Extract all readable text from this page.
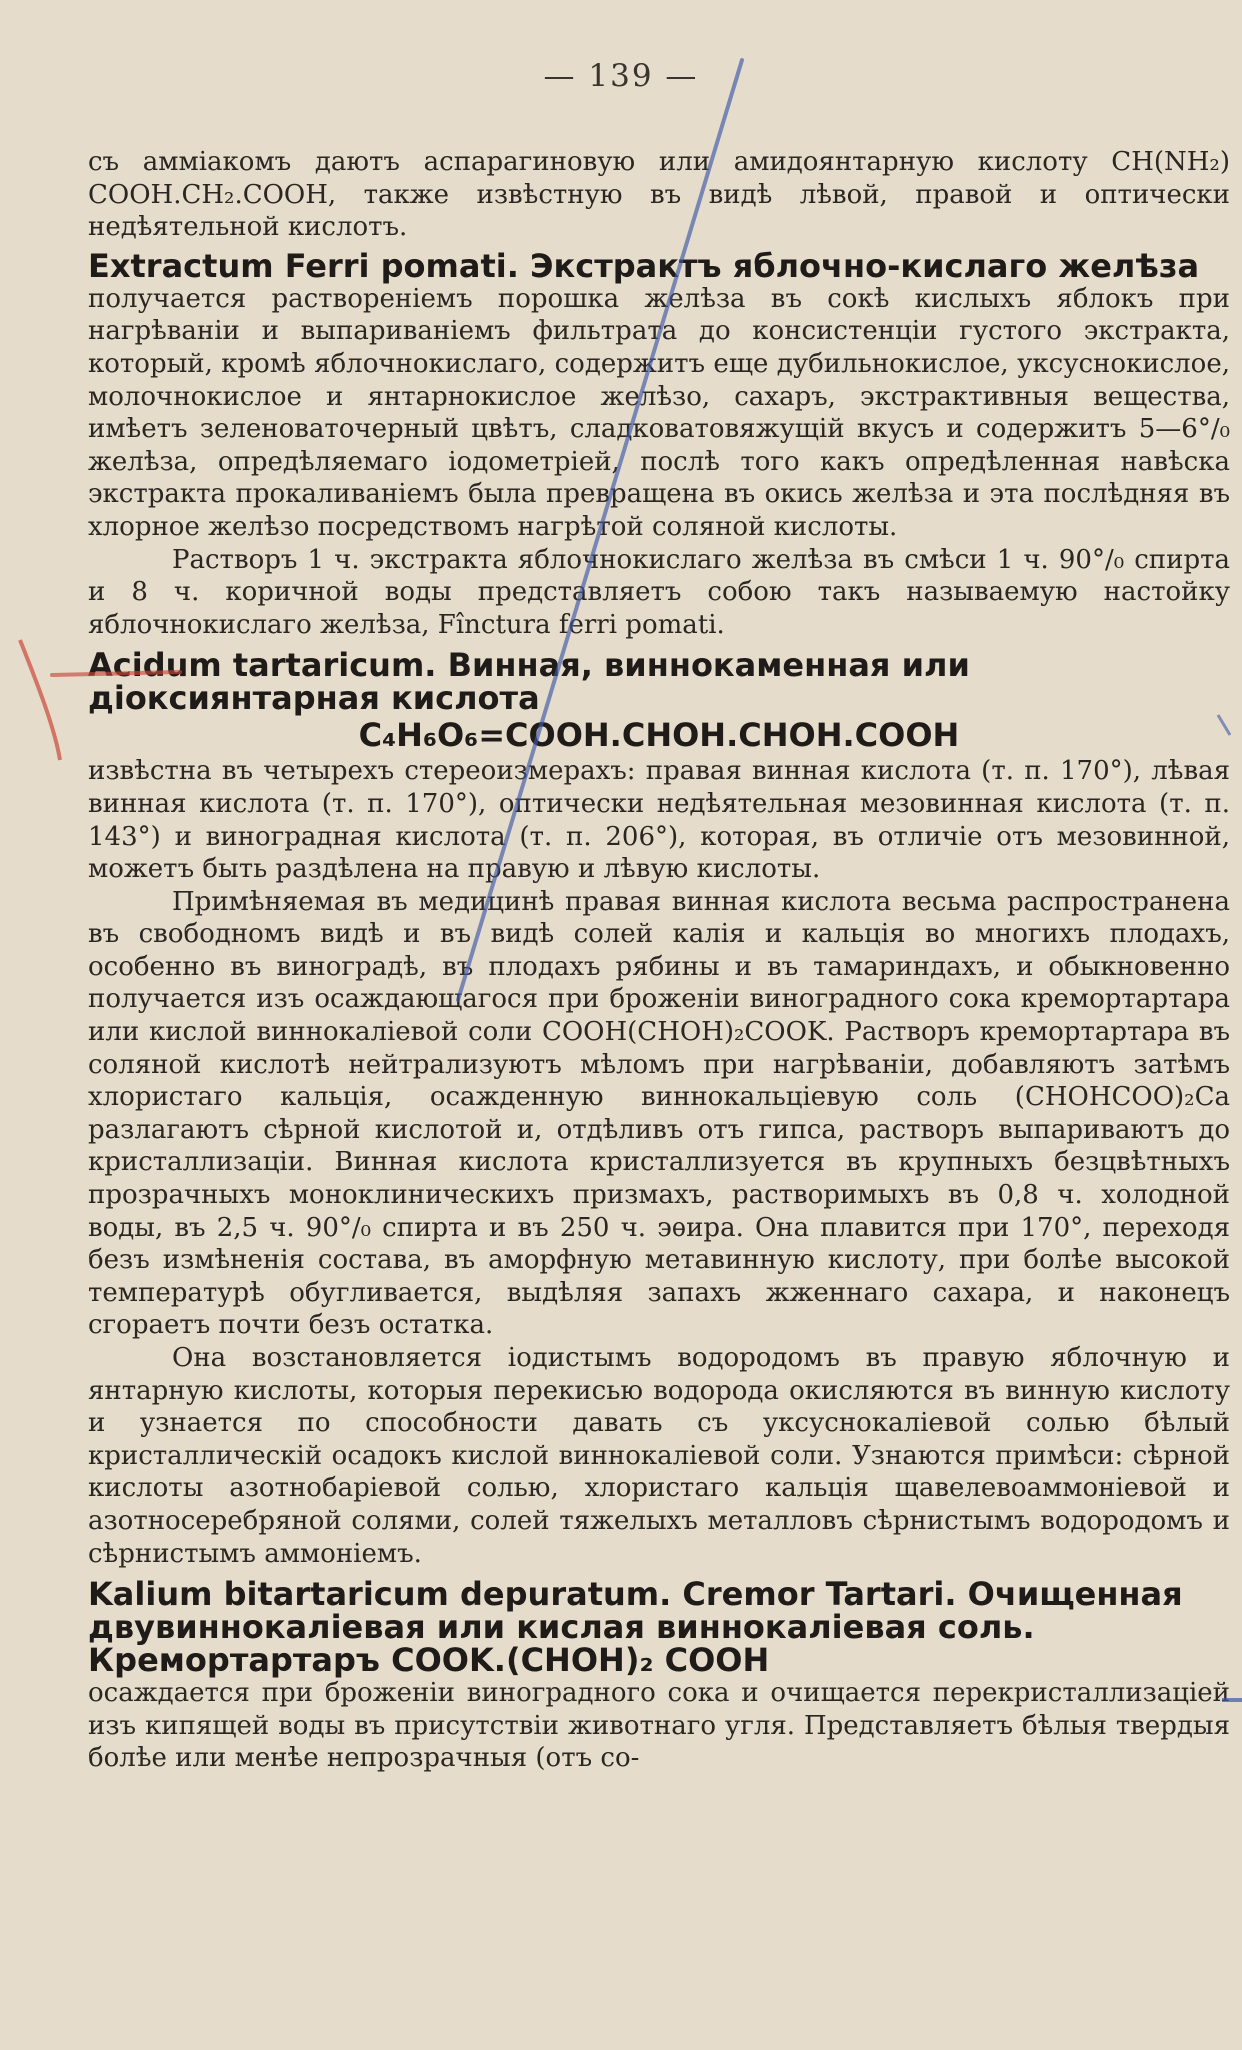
— 139 —

съ амміакомъ даютъ аспарагиновую или амидоянтарную кислоту CH(NH₂) COOH.CH₂.COOH, также извѣстную въ видѣ лѣвой, правой и оптически недѣятельной кислотъ.

Extractum Ferri pomati. Экстрактъ яблочно-кислаго желѣза

получается растворенiемъ порошка желѣза въ сокѣ кислыхъ яблокъ при нагрѣваніи и выпариваніемъ фильтрата до консистенціи густого экстракта, который, кромѣ яблочнокислаго, содержитъ еще дубильнокислое, уксуснокислое, молочнокислое и янтарнокислое желѣзо, сахаръ, экстрактивныя вещества, имѣетъ зеленоваточерный цвѣтъ, сладковатовяжущій вкусъ и содержитъ 5—6°/₀ желѣза, опредѣляемаго іодометріей, послѣ того какъ опредѣленная навѣска экстракта прокаливаніемъ была превращена въ окись желѣза и эта послѣдняя въ хлорное желѣзо посредствомъ нагрѣтой соляной кислоты.

Растворъ 1 ч. экстракта яблочнокислаго желѣза въ смѣси 1 ч. 90°/₀ спирта и 8 ч. коричной воды представляетъ собою такъ называемую настойку яблочнокислаго желѣза, Fînctura ferri pomati.

Acidum tartaricum. Винная, виннокаменная или діоксиянтарная кислота

C₄H₆O₆=COOH.CHOH.CHOH.COOH

извѣстна въ четырехъ стереоизмерахъ: правая винная кислота (т. п. 170°), лѣвая винная кислота (т. п. 170°), оптически недѣятельная мезовинная кислота (т. п. 143°) и виноградная кислота (т. п. 206°), которая, въ отличіе отъ мезовинной, можетъ быть раздѣлена на правую и лѣвую кислоты.

Примѣняемая въ медицинѣ правая винная кислота весьма распространена въ свободномъ видѣ и въ видѣ солей калія и кальція во многихъ плодахъ, особенно въ виноградѣ, въ плодахъ рябины и въ тамариндахъ, и обыкновенно получается изъ осаждающагося при броженіи виноградного сока кремортартара или кислой виннокаліевой соли COOH(CHOH)₂COOK. Растворъ кремортартара въ соляной кислотѣ нейтрализуютъ мѣломъ при нагрѣваніи, добавляютъ затѣмъ хлористаго кальція, осажденную виннокальціевую соль (CHOHCOO)₂Ca разлагаютъ сѣрной кислотой и, отдѣливъ отъ гипса, растворъ выпариваютъ до кристаллизаціи. Винная кислота кристаллизуется въ крупныхъ безцвѣтныхъ прозрачныхъ моноклиническихъ призмахъ, растворимыхъ въ 0,8 ч. холодной воды, въ 2,5 ч. 90°/₀ спирта и въ 250 ч. эѳира. Она плавится при 170°, переходя безъ измѣненія состава, въ аморфную метавинную кислоту, при болѣе высокой температурѣ обугливается, выдѣляя запахъ жженнаго сахара, и наконецъ сгораетъ почти безъ остатка.

Она возстановляется іодистымъ водородомъ въ правую яблочную и янтарную кислоты, которыя перекисью водорода окисляются въ винную кислоту и узнается по способности давать съ уксуснокаліевой солью бѣлый кристаллическій осадокъ кислой виннокаліевой соли. Узнаются примѣси: сѣрной кислоты азотнобаріевой солью, хлористаго кальція щавелевоаммоніевой и азотносеребряной солями, солей тяжелыхъ металловъ сѣрнистымъ водородомъ и сѣрнистымъ аммоніемъ.

Kalium bitartaricum depuratum. Cremor Tartari. Очищенная двувиннокаліевая или кислая виннокаліевая соль. Кремортартаръ COOK.(CHOH)₂ COOH

осаждается при броженіи виноградного сока и очищается перекристаллизаціей изъ кипящей воды въ присутствіи животнаго угля. Представляетъ бѣлыя твердыя болѣе или менѣе непрозрачныя (отъ со-
